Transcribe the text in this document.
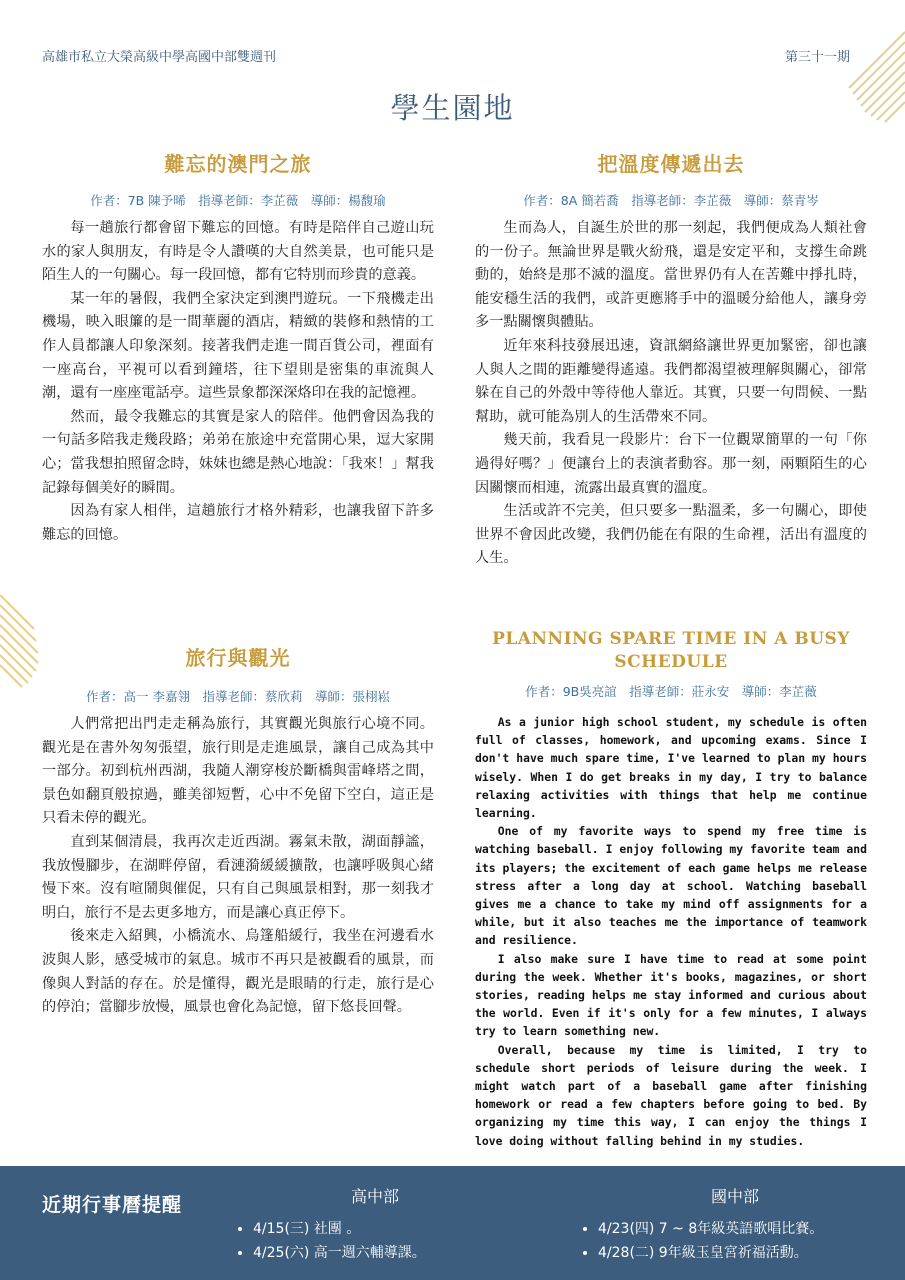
高雄市私立大榮高級中學高國中部雙週刊	第三十一期
學生園地
難忘的澳門之旅
作者：7B 陳予晞　指導老師：李芷薇　導師：楊馥瑜

每一趟旅行都會留下難忘的回憶。有時是陪伴自己遊山玩水的家人與朋友，有時是令人讚嘆的大自然美景，也可能只是陌生人的一句關心。每一段回憶，都有它特別而珍貴的意義。

某一年的暑假，我們全家決定到澳門遊玩。一下飛機走出機場，映入眼簾的是一間華麗的酒店，精緻的裝修和熱情的工作人員都讓人印象深刻。接著我們走進一間百貨公司，裡面有一座高台，平視可以看到鐘塔，往下望則是密集的車流與人潮，還有一座座電話亭。這些景象都深深烙印在我的記憶裡。

然而，最令我難忘的其實是家人的陪伴。他們會因為我的一句話多陪我走幾段路；弟弟在旅途中充當開心果，逗大家開心；當我想拍照留念時，妹妹也總是熱心地說：「我來！」幫我記錄每個美好的瞬間。

因為有家人相伴，這趟旅行才格外精彩，也讓我留下許多難忘的回憶。

把溫度傳遞出去
作者：8A 簡若喬　指導老師：李芷薇　導師：蔡青岑

生而為人，自誕生於世的那一刻起，我們便成為人類社會的一份子。無論世界是戰火紛飛，還是安定平和，支撐生命跳動的，始終是那不滅的溫度。當世界仍有人在苦難中掙扎時，能安穩生活的我們，或許更應將手中的溫暖分給他人，讓身旁多一點關懷與體貼。

近年來科技發展迅速，資訊網絡讓世界更加緊密，卻也讓人與人之間的距離變得遙遠。我們都渴望被理解與關心，卻常躲在自己的外殼中等待他人靠近。其實，只要一句問候、一點幫助，就可能為別人的生活帶來不同。

幾天前，我看見一段影片：台下一位觀眾簡單的一句「你過得好嗎？」便讓台上的表演者動容。那一刻，兩顆陌生的心因關懷而相連，流露出最真實的溫度。

生活或許不完美，但只要多一點溫柔，多一句關心，即使世界不會因此改變，我們仍能在有限的生命裡，活出有溫度的人生。

旅行與觀光
作者：高一 李嘉翎　指導老師：蔡欣莉　導師：張栩崧

人們常把出門走走稱為旅行，其實觀光與旅行心境不同。觀光是在書外匆匆張望，旅行則是走進風景，讓自己成為其中一部分。初到杭州西湖，我隨人潮穿梭於斷橋與雷峰塔之間，景色如翻頁般掠過，雖美卻短暫，心中不免留下空白，這正是只看未停的觀光。

直到某個清晨，我再次走近西湖。霧氣未散，湖面靜謐，我放慢腳步，在湖畔停留，看漣漪緩緩擴散，也讓呼吸與心緒慢下來。沒有喧鬧與催促，只有自己與風景相對，那一刻我才明白，旅行不是去更多地方，而是讓心真正停下。

後來走入紹興，小橋流水、烏篷船緩行，我坐在河邊看水波與人影，感受城市的氣息。城市不再只是被觀看的風景，而像與人對話的存在。於是懂得，觀光是眼睛的行走，旅行是心的停泊；當腳步放慢，風景也會化為記憶，留下悠長回聲。

PLANNING SPARE TIME IN A BUSY SCHEDULE
作者：9B吳亮誼　指導老師：莊永安　導師：李芷薇

As a junior high school student, my schedule is often full of classes, homework, and upcoming exams. Since I don't have much spare time, I've learned to plan my hours wisely. When I do get breaks in my day, I try to balance relaxing activities with things that help me continue learning.

One of my favorite ways to spend my free time is watching baseball. I enjoy following my favorite team and its players; the excitement of each game helps me release stress after a long day at school. Watching baseball gives me a chance to take my mind off assignments for a while, but it also teaches me the importance of teamwork and resilience.

I also make sure I have time to read at some point during the week. Whether it's books, magazines, or short stories, reading helps me stay informed and curious about the world. Even if it's only for a few minutes, I always try to learn something new.

Overall, because my time is limited, I try to schedule short periods of leisure during the week. I might watch part of a baseball game after finishing homework or read a few chapters before going to bed. By organizing my time this way, I can enjoy the things I love doing without falling behind in my studies.

近期行事曆提醒	高中部
• 4/15(三) 社團 。
• 4/25(六) 高一週六輔導課。
國中部
• 4/23(四) 7 ~ 8年級英語歌唱比賽。
• 4/28(二) 9年級玉皇宮祈福活動。
